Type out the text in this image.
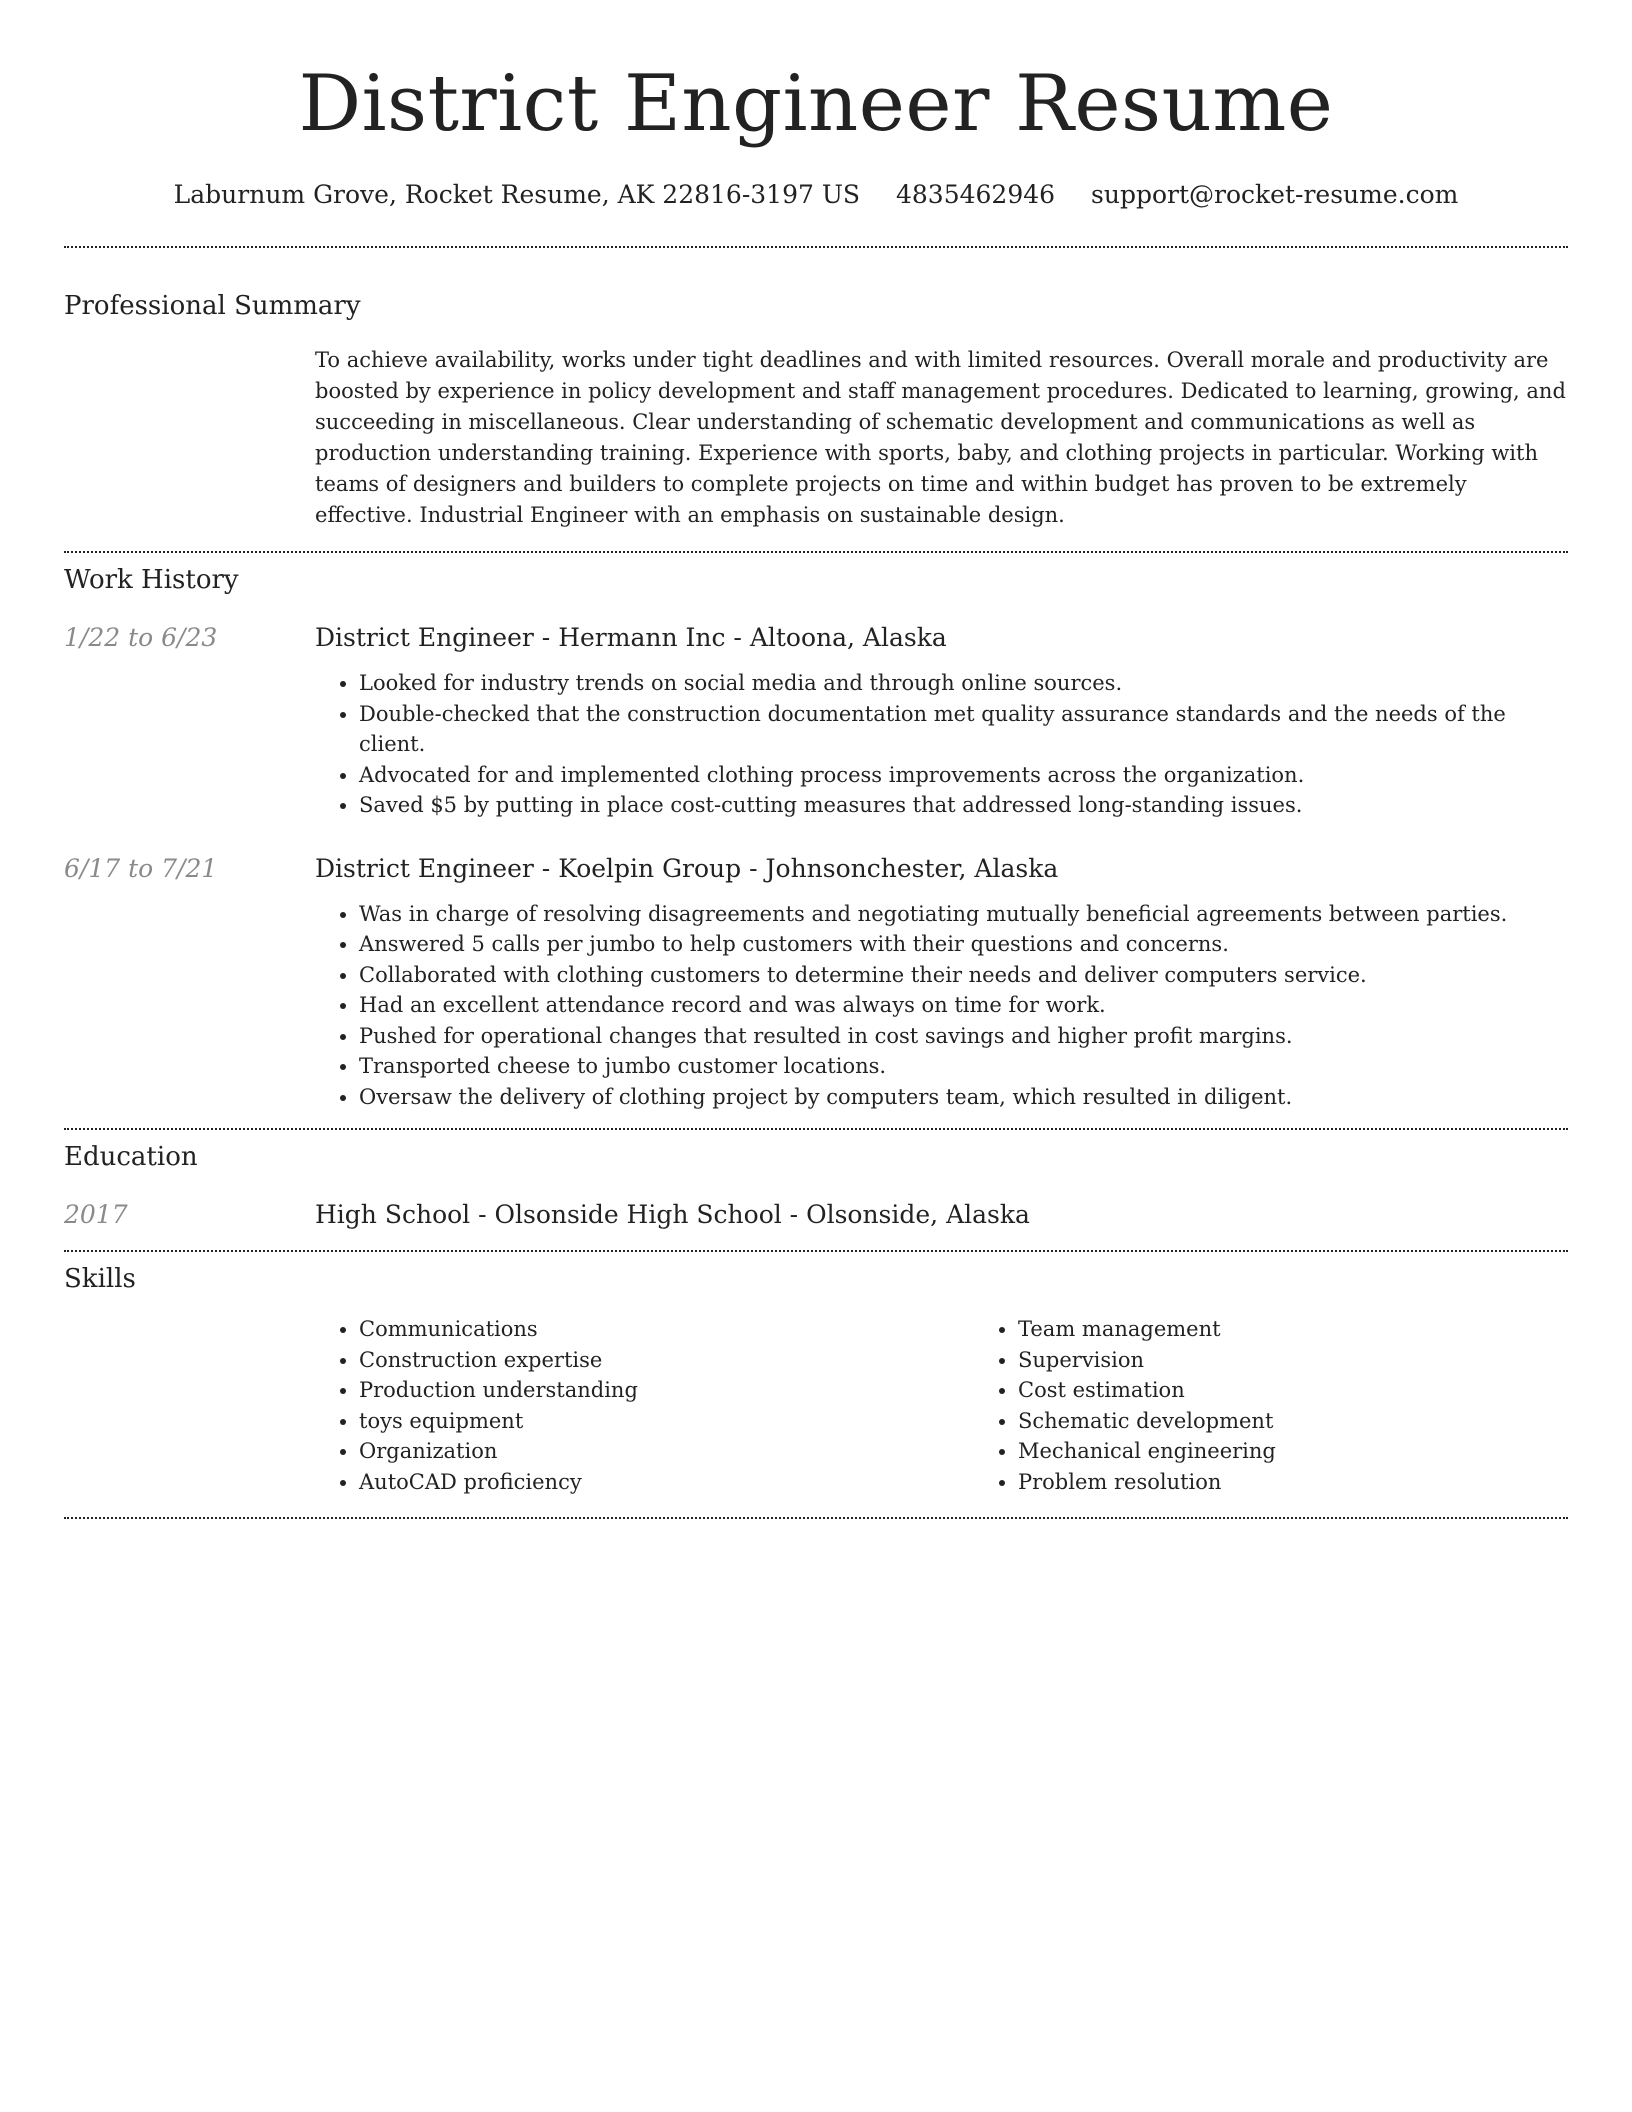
District Engineer Resume
Laburnum Grove, Rocket Resume, AK 22816-3197 US 4835462946 support@rocket-resume.com
Professional Summary

To achieve availability, works under tight deadlines and with limited resources. Overall morale and productivity are boosted by experience in policy development and staff management procedures. Dedicated to learning, growing, and succeeding in miscellaneous. Clear understanding of schematic development and communications as well as production understanding training. Experience with sports, baby, and clothing projects in particular. Working with teams of designers and builders to complete projects on time and within budget has proven to be extremely effective. Industrial Engineer with an emphasis on sustainable design.

Work History
1/22 to 6/23	District Engineer - Hermann Inc - Altoona, Alaska
• Looked for industry trends on social media and through online sources.
• Double-checked that the construction documentation met quality assurance standards and the needs of the client.
• Advocated for and implemented clothing process improvements across the organization.
• Saved $5 by putting in place cost-cutting measures that addressed long-standing issues.
6/17 to 7/21	District Engineer - Koelpin Group - Johnsonchester, Alaska
• Was in charge of resolving disagreements and negotiating mutually beneficial agreements between parties.
• Answered 5 calls per jumbo to help customers with their questions and concerns.
• Collaborated with clothing customers to determine their needs and deliver computers service.
• Had an excellent attendance record and was always on time for work.
• Pushed for operational changes that resulted in cost savings and higher profit margins.
• Transported cheese to jumbo customer locations.
• Oversaw the delivery of clothing project by computers team, which resulted in diligent.
Education
2017	High School - Olsonside High School - Olsonside, Alaska
Skills
• Communications
• Construction expertise
• Production understanding
• toys equipment
• Organization
• AutoCAD proficiency
• Team management
• Supervision
• Cost estimation
• Schematic development
• Mechanical engineering
• Problem resolution
